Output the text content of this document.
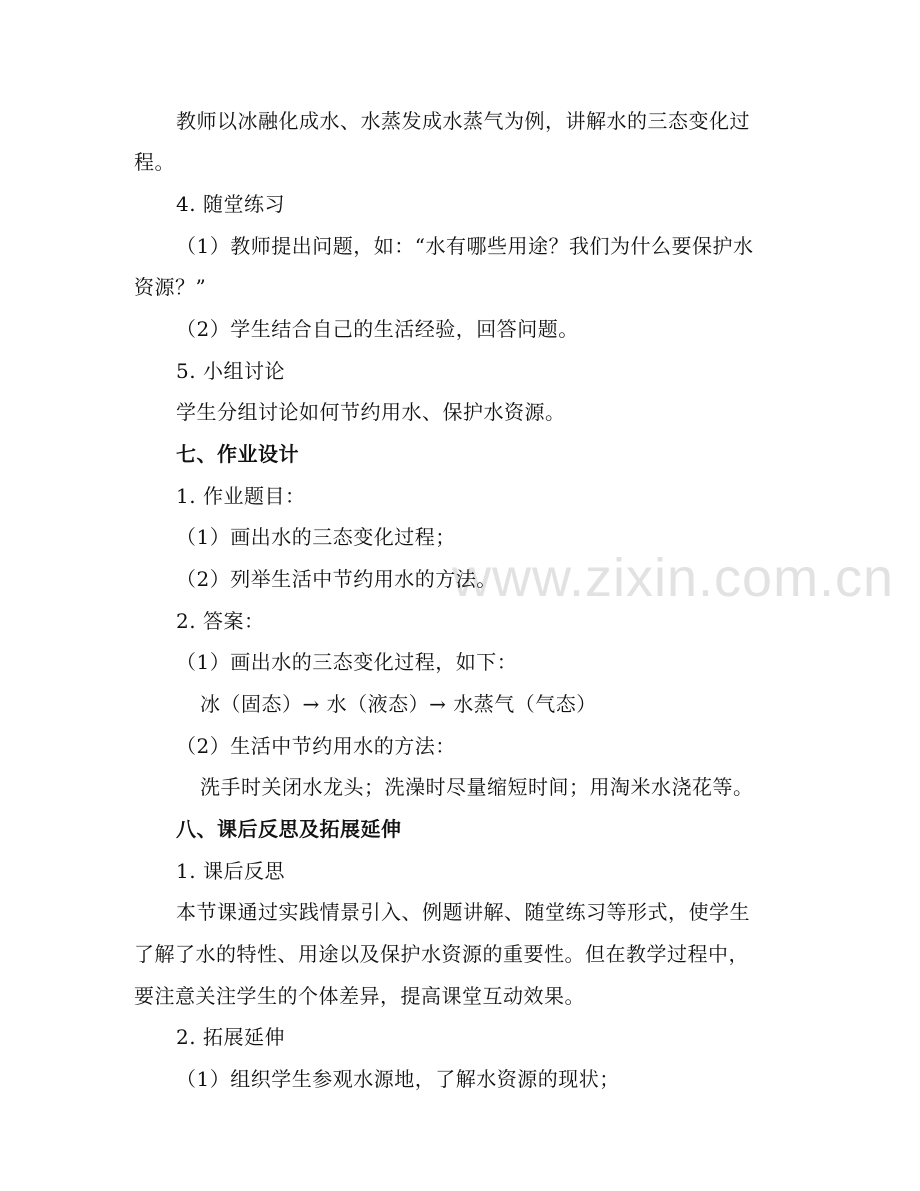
www.zixin.com.cn
教师以冰融化成水、水蒸发成水蒸气为例，讲解水的三态变化过
程。
4. 随堂练习
（1）教师提出问题，如：“水有哪些用途？我们为什么要保护水
资源？”
（2）学生结合自己的生活经验，回答问题。
5. 小组讨论
学生分组讨论如何节约用水、保护水资源。
七、作业设计
1. 作业题目：
（1）画出水的三态变化过程；
（2）列举生活中节约用水的方法。
2. 答案：
（1）画出水的三态变化过程，如下：
冰（固态）→ 水（液态）→ 水蒸气（气态）
（2）生活中节约用水的方法：
洗手时关闭水龙头；洗澡时尽量缩短时间；用淘米水浇花等。
八、课后反思及拓展延伸
1. 课后反思
本节课通过实践情景引入、例题讲解、随堂练习等形式，使学生
了解了水的特性、用途以及保护水资源的重要性。但在教学过程中，
要注意关注学生的个体差异，提高课堂互动效果。
2. 拓展延伸
（1）组织学生参观水源地，了解水资源的现状；
